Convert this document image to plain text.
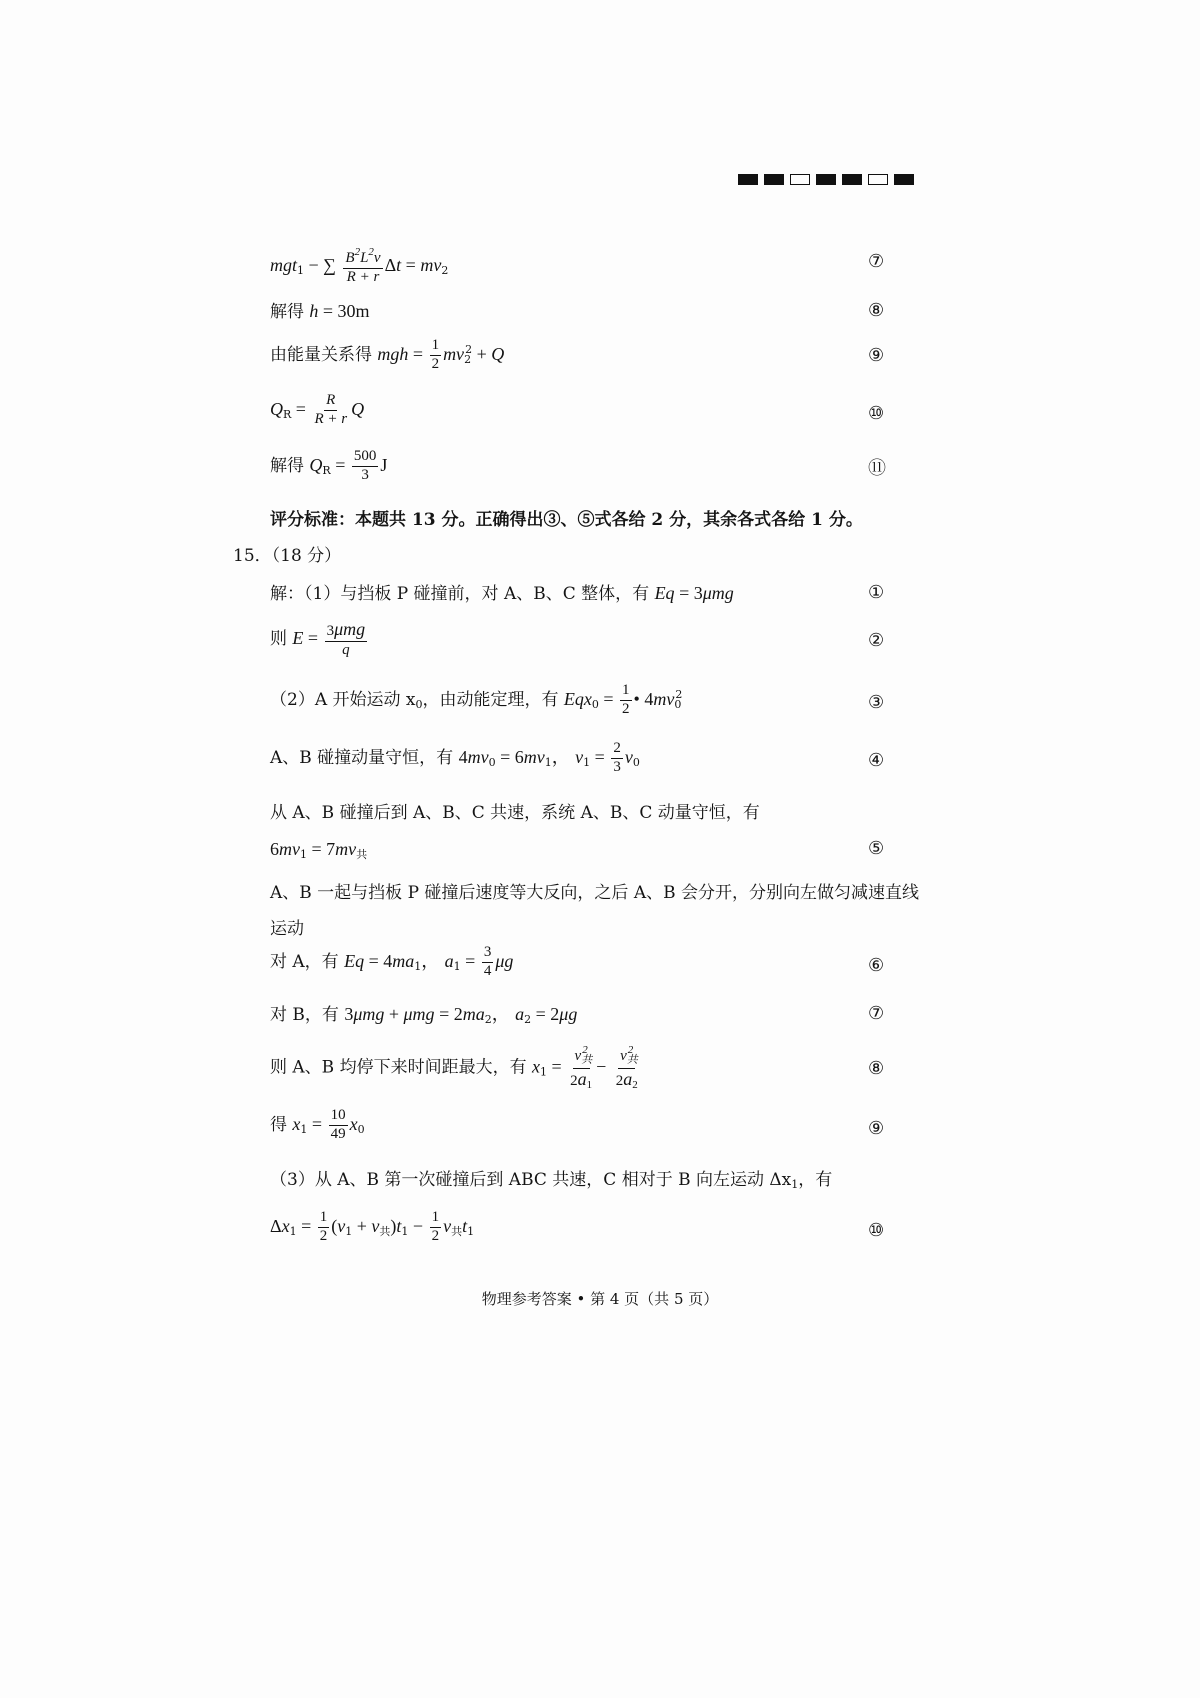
mgt$_1$ − ∑ $\frac{B^2L^2v}{R + r}$ $\Delta t = mv_2$	⑦
解得 h = 30m	⑧
由能量关系得 mgh = $\frac{1}{2} mv_2^2 + Q$	⑨
$Q_R = \frac{R}{R + r}$ Q	⑩
解得 $Q_R = \frac{500}{3}$ J	⑪
评分标准：本题共 13 分。正确得出③、⑤式各给 2 分，其余各式各给 1 分。
15．（18 分）
解：（1）与挡板 P 碰撞前，对 A、B、C 整体，有 Eq = 3μmg	①
则 $E = \frac{\text{3μmg}}{q}$	②
（2）A 开始运动 $x_0$，由动能定理，有 $Eqx_0 = \frac{1}{2}$ • $4mv_0^2$	③
A、B 碰撞动量守恒，有 $4mv_0 = 6mv_1$， $v_1 = \frac{2}{3} v_0$	④
从 A、B 碰撞后到 A、B、C 共速，系统 A、B、C 动量守恒，有
$6mv_1 = 7mv_共$	⑤
A、B 一起与挡板 P 碰撞后速度等大反向，之后 A、B 会分开，分别向左做匀减速直线运动
对 A，有 $Eq = 4ma_1$， $a_1 = \frac{3}{4}$ μg	⑥
对 B，有 $3\mu mg + \mu mg = 2ma_2$， $a_2 = 2\mu g$	⑦
则 A、B 均停下来时间距最大，有 $x_1 = \frac{v_共^2}{2a_1} - \frac{v_共^2}{2a_2}$	⑧
得 $x_1 = \frac{10}{49} x_0$	⑨
（3）从 A、B 第一次碰撞后到 ABC 共速，C 相对于 B 向左运动 $\Delta x_1$，有
$\Delta x_1 = \frac{1}{2} (v_1 + v_共)t_1 - \frac{1}{2} v_共t_1$	⑩
物理参考答案 • 第 4 页（共 5 页）
